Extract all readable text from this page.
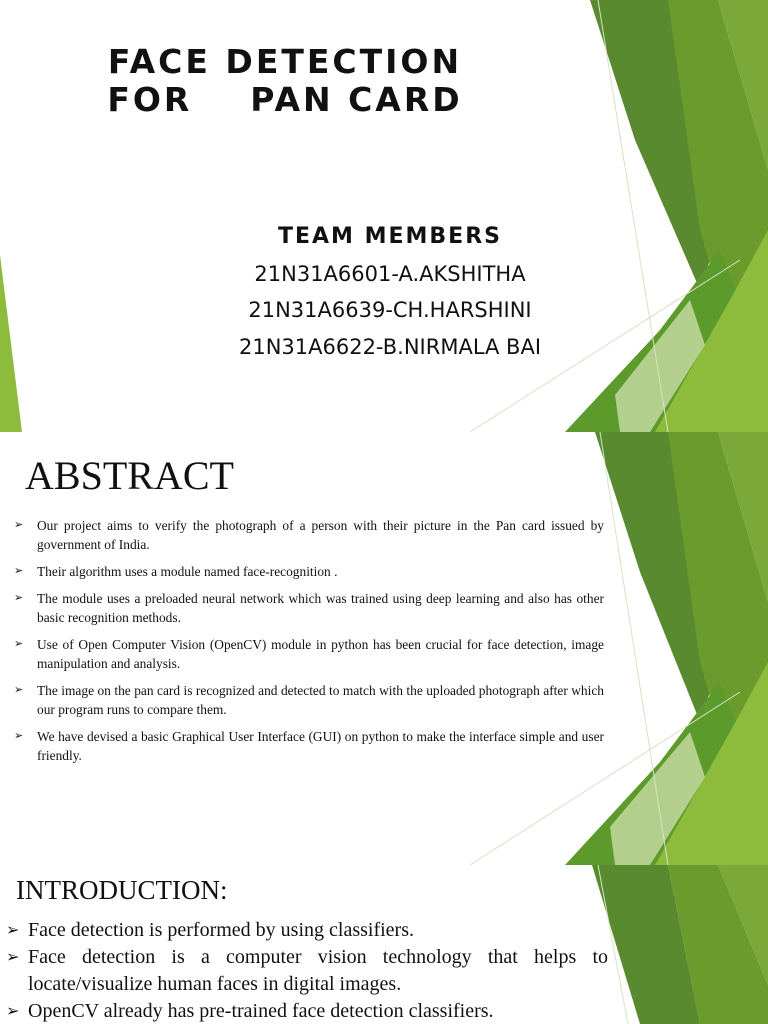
FACE DETECTION
FOR    PAN CARD
TEAM MEMBERS
21N31A6601-A.AKSHITHA
21N31A6639-CH.HARSHINI
21N31A6622-B.NIRMALA BAI
ABSTRACT
➢ Our project aims to verify the photograph of a person with their picture in the Pan card issued by government of India.
➢ Their algorithm uses a module named face-recognition .
➢ The module uses a preloaded neural network which was trained using deep learning and also has other basic recognition methods.
➢ Use of Open Computer Vision (OpenCV) module in python has been crucial for face detection, image manipulation and analysis.
➢ The image on the pan card is recognized and detected to match with the uploaded photograph after which our program runs to compare them.
➢ We have devised a basic Graphical User Interface (GUI) on python to make the interface simple and user friendly.
INTRODUCTION:
➢ Face detection is performed by using classifiers.
➢ Face detection is a computer vision technology that helps to locate/visualize human faces in digital images.
➢ OpenCV already has pre-trained face detection classifiers.
